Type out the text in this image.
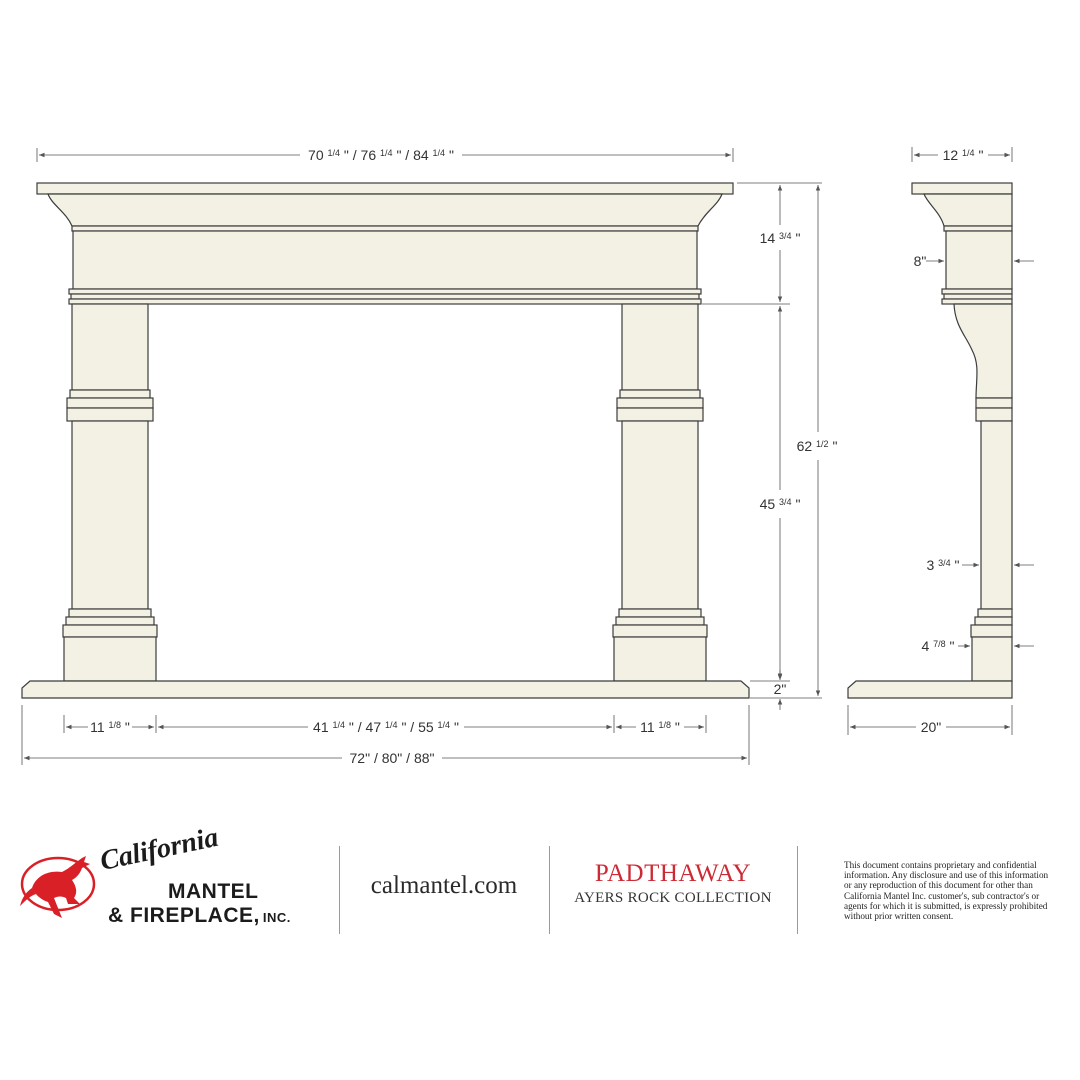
70 $^{1/4}$ " / 76 $^{1/4}$ " / 84 $^{1/4}$ "
14 $^{3/4}$ "
45 $^{3/4}$ "
62 $^{1/2}$ "
2"
11 $^{1/8}$ "	41 $^{1/4}$ " / 47 $^{1/4}$ " / 55 $^{1/4}$ "	11 $^{1/8}$ "
72" / 80" / 88"
12 $^{1/4}$ "
8"
3 $^{3/4}$ "
4 $^{7/8}$ "
20"
California
MANTEL
& FIREPLACE, INC.
calmantel.com	PADTHAWAY
AYERS ROCK COLLECTION
This document contains proprietary and confidential
information. Any disclosure and use of this information
or any reproduction of this document for other than
California Mantel Inc. customer's, sub contractor's or
agents for which it is submitted, is expressly prohibited
without prior written consent.
